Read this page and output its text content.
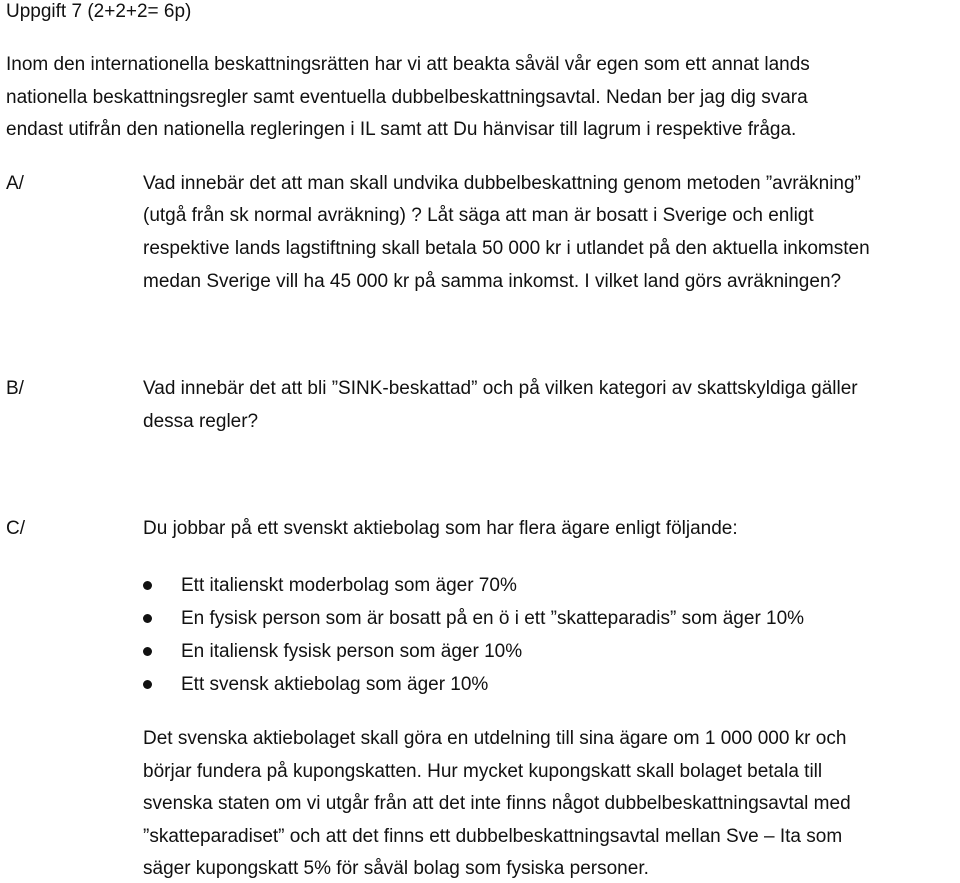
Uppgift 7 (2+2+2= 6p)
Inom den internationella beskattningsrätten har vi att beakta såväl vår egen som ett annat lands
nationella beskattningsregler samt eventuella dubbelbeskattningsavtal. Nedan ber jag dig svara
endast utifrån den nationella regleringen i IL samt att Du hänvisar till lagrum i respektive fråga.
A/	Vad innebär det att man skall undvika dubbelbeskattning genom metoden ”avräkning”
(utgå från sk normal avräkning) ? Låt säga att man är bosatt i Sverige och enligt
respektive lands lagstiftning skall betala 50 000 kr i utlandet på den aktuella inkomsten
medan Sverige vill ha 45 000 kr på samma inkomst. I vilket land görs avräkningen?
B/	Vad innebär det att bli ”SINK-beskattad” och på vilken kategori av skattskyldiga gäller
dessa regler?
C/	Du jobbar på ett svenskt aktiebolag som har flera ägare enligt följande:
Ett italienskt moderbolag som äger 70%
En fysisk person som är bosatt på en ö i ett ”skatteparadis” som äger 10%
En italiensk fysisk person som äger 10%
Ett svensk aktiebolag som äger 10%
Det svenska aktiebolaget skall göra en utdelning till sina ägare om 1 000 000 kr och
börjar fundera på kupongskatten. Hur mycket kupongskatt skall bolaget betala till
svenska staten om vi utgår från att det inte finns något dubbelbeskattningsavtal med
”skatteparadiset” och att det finns ett dubbelbeskattningsavtal mellan Sve – Ita som
säger kupongskatt 5% för såväl bolag som fysiska personer.
